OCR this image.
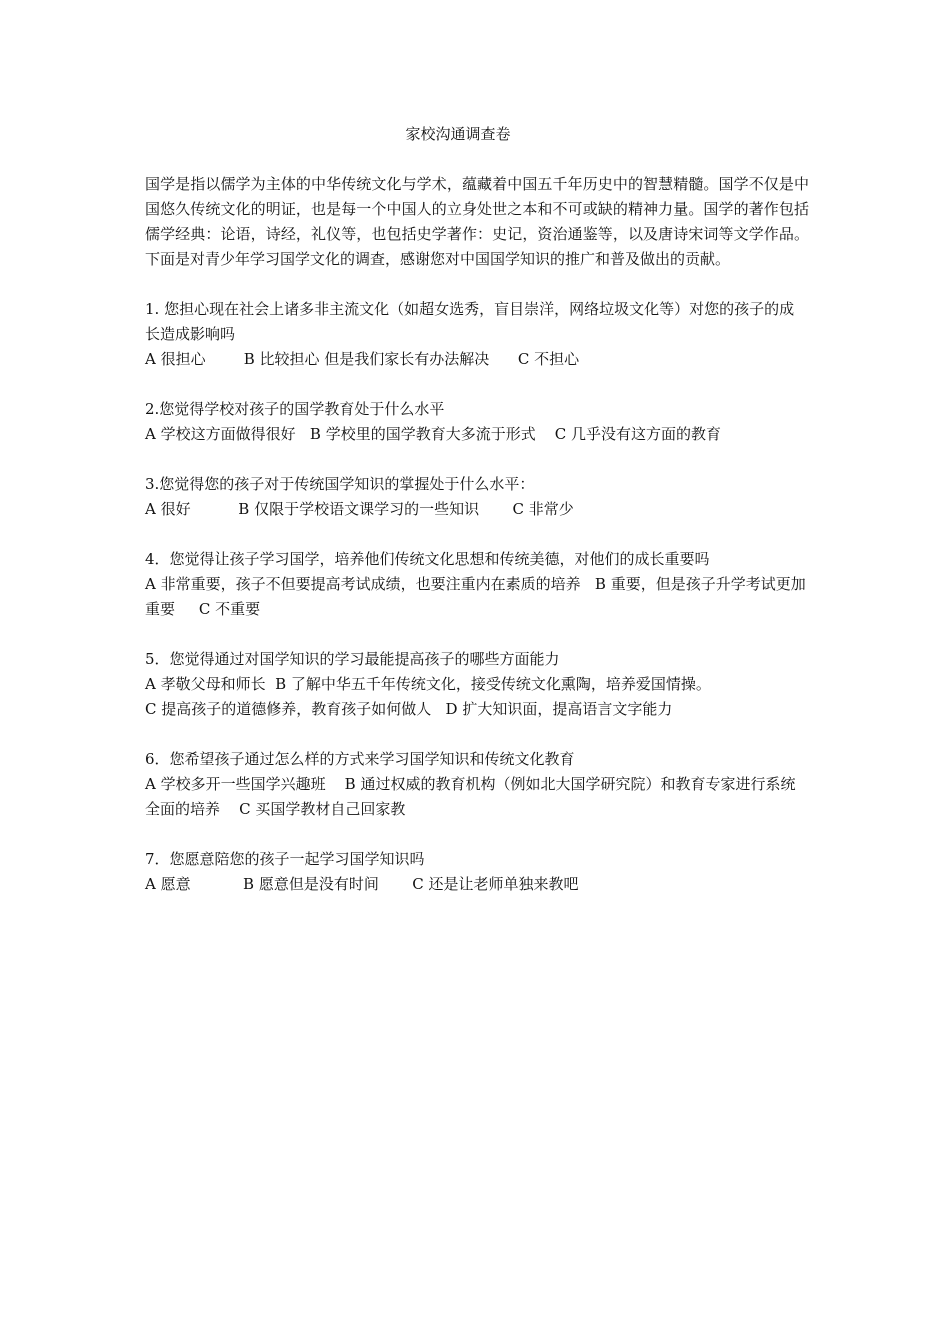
家校沟通调查卷

国学是指以儒学为主体的中华传统文化与学术，蕴藏着中国五千年历史中的智慧精髓。国学不仅是中国悠久传统文化的明证，也是每一个中国人的立身处世之本和不可或缺的精神力量。国学的著作包括儒学经典：论语，诗经，礼仪等，也包括史学著作：史记，资治通鉴等，以及唐诗宋词等文学作品。下面是对青少年学习国学文化的调查，感谢您对中国国学知识的推广和普及做出的贡献。

1. 您担心现在社会上诸多非主流文化（如超女选秀，盲目崇洋，网络垃圾文化等）对您的孩子的成长造成影响吗

A 很担心        B 比较担心 但是我们家长有办法解决      C 不担心

2.您觉得学校对孩子的国学教育处于什么水平

A 学校这方面做得很好   B 学校里的国学教育大多流于形式    C 几乎没有这方面的教育

3.您觉得您的孩子对于传统国学知识的掌握处于什么水平：

A 很好          B 仅限于学校语文课学习的一些知识       C 非常少

4．您觉得让孩子学习国学，培养他们传统文化思想和传统美德，对他们的成长重要吗

A 非常重要，孩子不但要提高考试成绩，也要注重内在素质的培养   B 重要，但是孩子升学考试更加重要     C 不重要

5．您觉得通过对国学知识的学习最能提高孩子的哪些方面能力

A 孝敬父母和师长  B 了解中华五千年传统文化，接受传统文化熏陶，培养爱国情操。

C 提高孩子的道德修养，教育孩子如何做人   D 扩大知识面，提高语言文字能力

6．您希望孩子通过怎么样的方式来学习国学知识和传统文化教育

A 学校多开一些国学兴趣班    B 通过权威的教育机构（例如北大国学研究院）和教育专家进行系统全面的培养    C 买国学教材自己回家教

7．您愿意陪您的孩子一起学习国学知识吗

A 愿意           B 愿意但是没有时间       C 还是让老师单独来教吧
